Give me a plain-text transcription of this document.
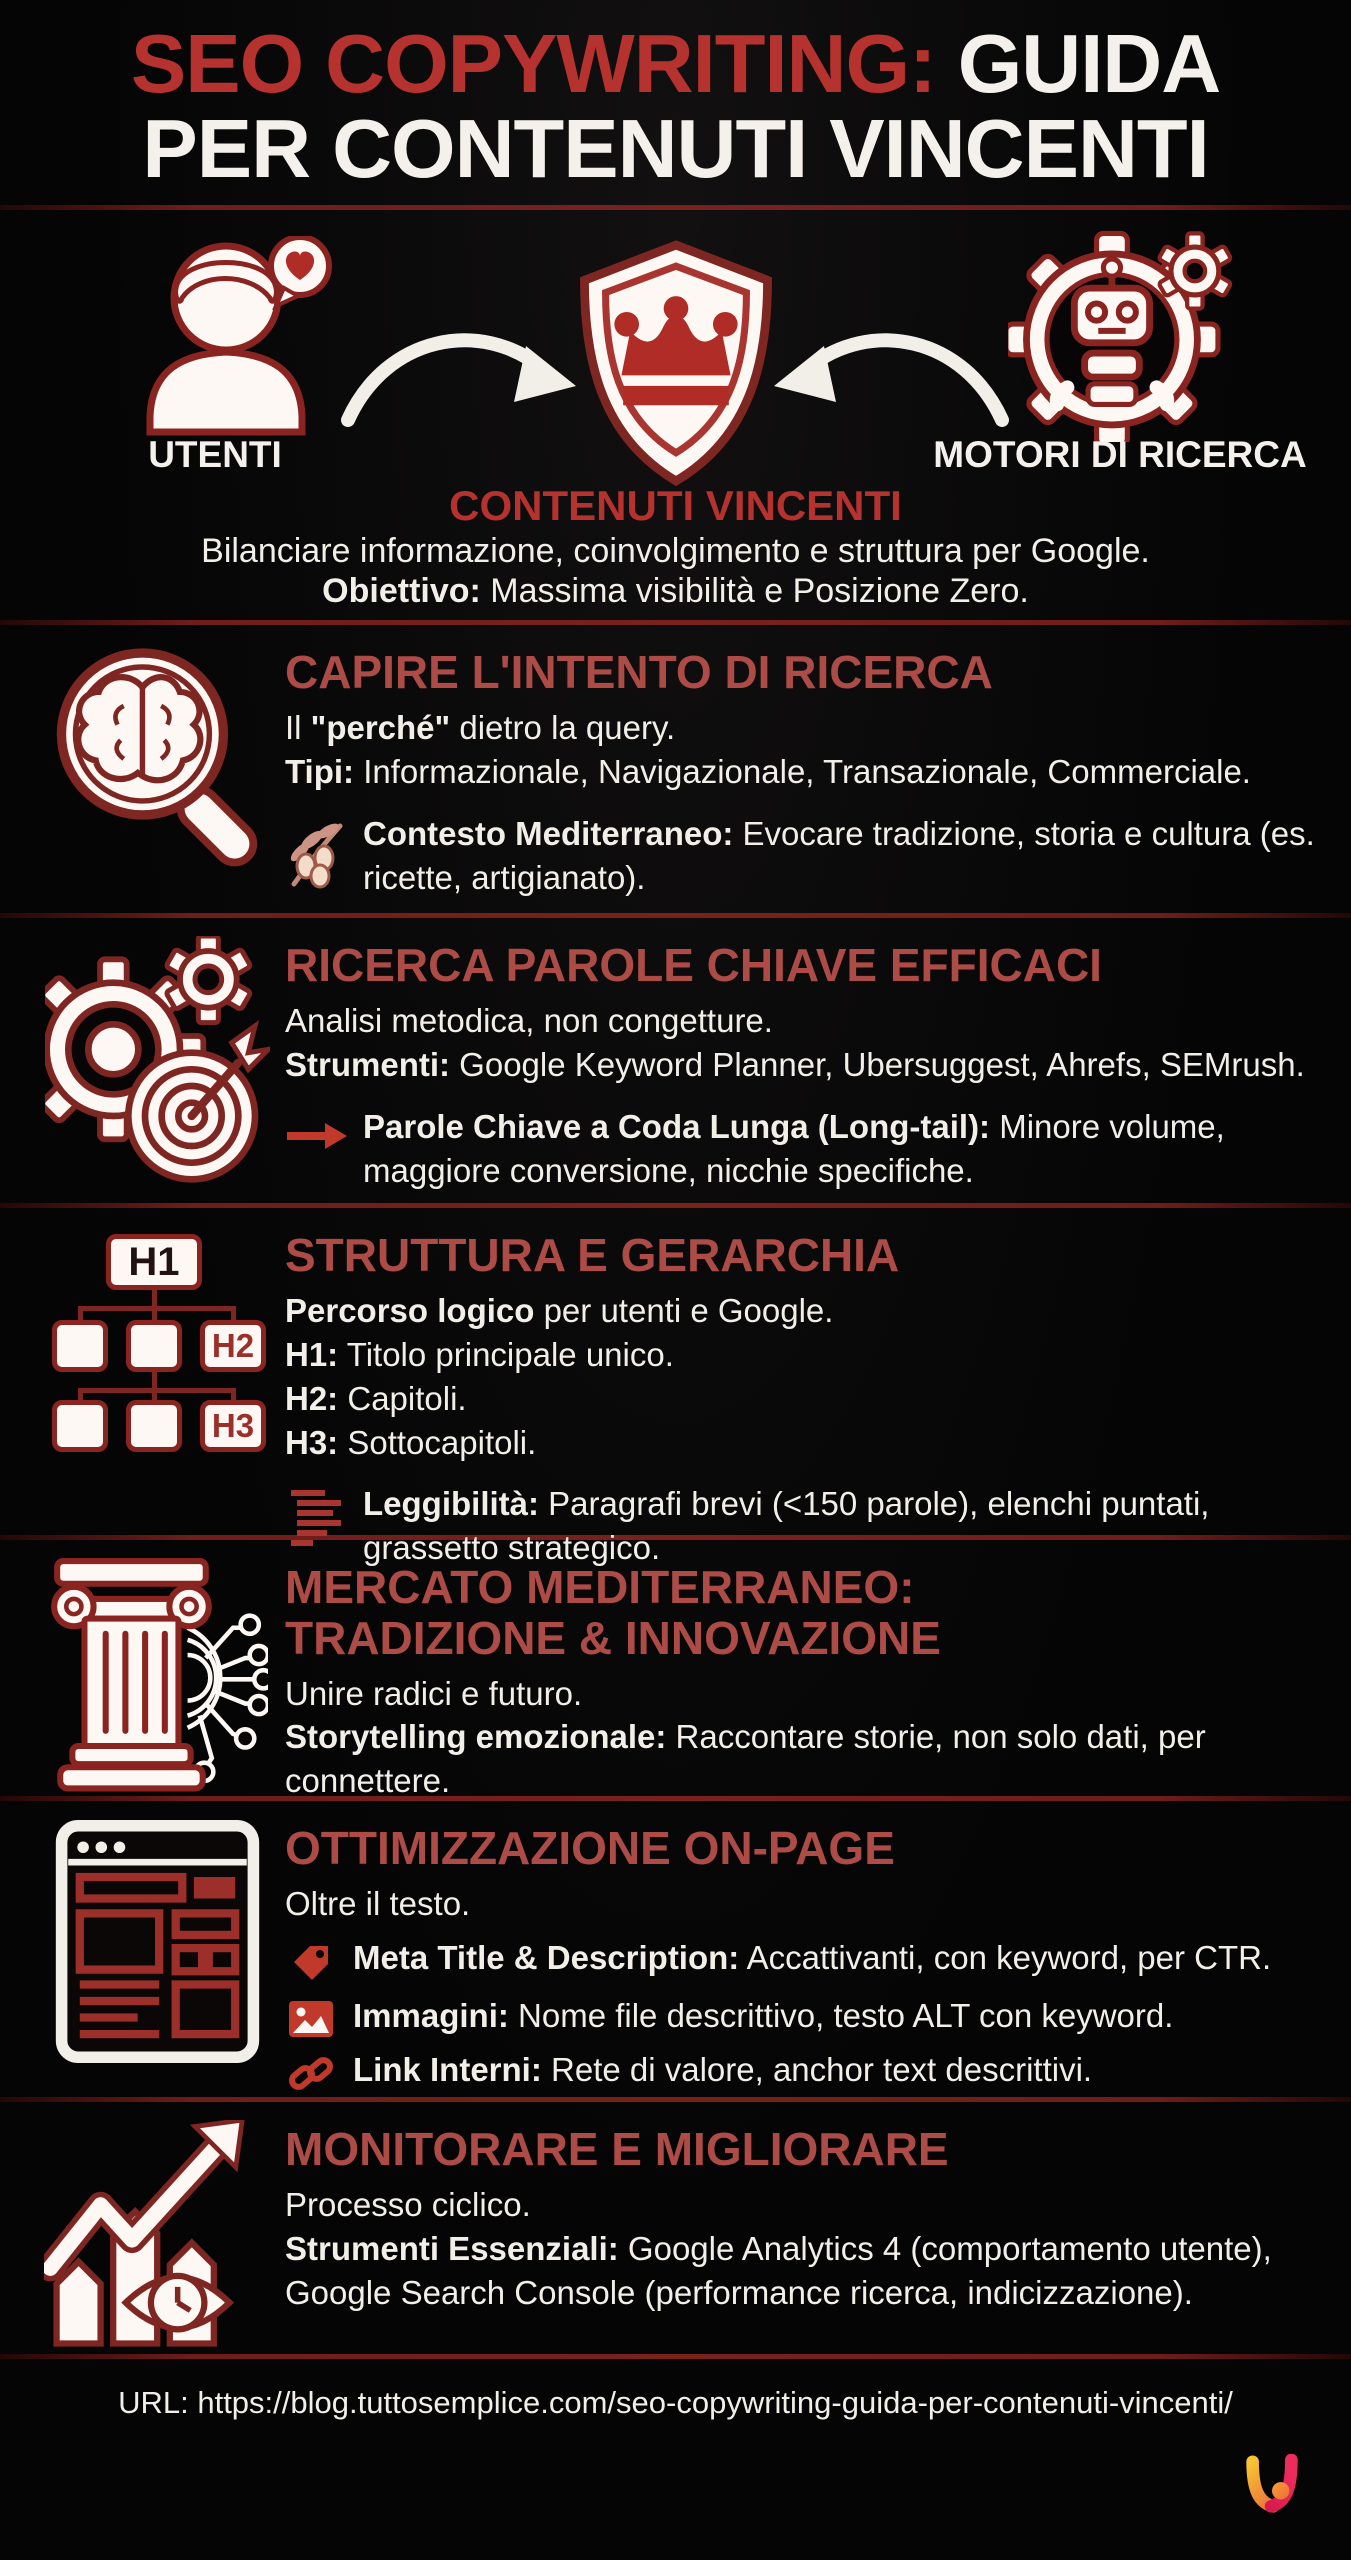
SEO COPYWRITING: GUIDA
PER CONTENUTI VINCENTI
UTENTI	MOTORI DI RICERCA
CONTENUTI VINCENTI
Bilanciare informazione, coinvolgimento e struttura per Google.
Obiettivo: Massima visibilità e Posizione Zero.
CAPIRE L'INTENTO DI RICERCA
Il "perché" dietro la query.
Tipi: Informazionale, Navigazionale, Transazionale, Commerciale.
Contesto Mediterraneo: Evocare tradizione, storia e cultura (es. ricette, artigianato).
RICERCA PAROLE CHIAVE EFFICACI
Analisi metodica, non congetture.
Strumenti: Google Keyword Planner, Ubersuggest, Ahrefs, SEMrush.
Parole Chiave a Coda Lunga (Long-tail): Minore volume, maggiore conversione, nicchie specifiche.
H1
H2
H3
STRUTTURA E GERARCHIA
Percorso logico per utenti e Google.
H1: Titolo principale unico.
H2: Capitoli.
H3: Sottocapitoli.
Leggibilità: Paragrafi brevi (<150 parole), elenchi puntati, grassetto strategico.
MERCATO MEDITERRANEO:
TRADIZIONE & INNOVAZIONE
Unire radici e futuro.
Storytelling emozionale: Raccontare storie, non solo dati, per connettere.
OTTIMIZZAZIONE ON-PAGE
Oltre il testo.
Meta Title & Description: Accattivanti, con keyword, per CTR.
Immagini: Nome file descrittivo, testo ALT con keyword.
Link Interni: Rete di valore, anchor text descrittivi.
MONITORARE E MIGLIORARE
Processo ciclico.
Strumenti Essenziali: Google Analytics 4 (comportamento utente), Google Search Console (performance ricerca, indicizzazione).
URL: https://blog.tuttosemplice.com/seo-copywriting-guida-per-contenuti-vincenti/
